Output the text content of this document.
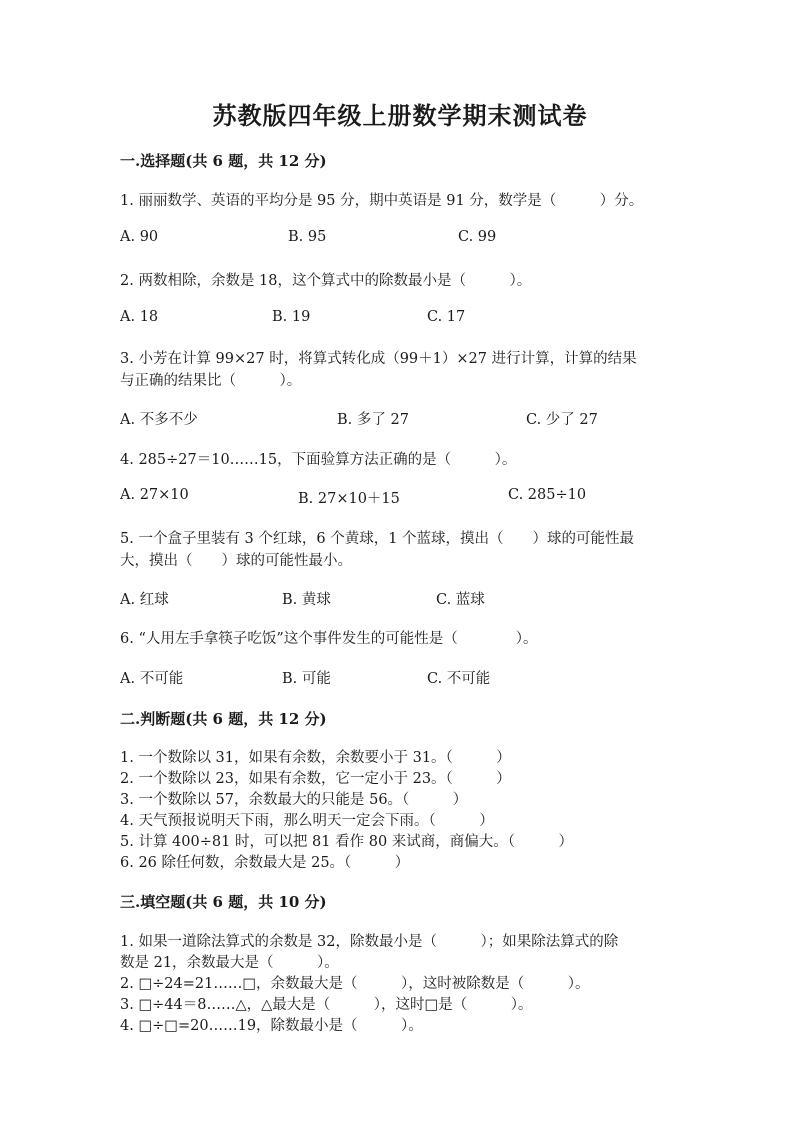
苏教版四年级上册数学期末测试卷
一.选择题(共 6 题，共 12 分)
1. 丽丽数学、英语的平均分是 95 分，期中英语是 91 分，数学是（　　　）分。
A. 90	B. 95	C. 99
2. 两数相除，余数是 18，这个算式中的除数最小是（　　　）。
A. 18	B. 19	C. 17
3. 小芳在计算 99×27 时，将算式转化成（99＋1）×27 进行计算，计算的结果
与正确的结果比（　　　）。
A. 不多不少	B. 多了 27	C. 少了 27
4. 285÷27＝10……15，下面验算方法正确的是（　　　）。
A. 27×10	B. 27×10＋15	C. 285÷10
5. 一个盒子里装有 3 个红球，6 个黄球，1 个蓝球，摸出（　　）球的可能性最
大，摸出（　　）球的可能性最小。
A. 红球	B. 黄球	C. 蓝球
6. “人用左手拿筷子吃饭”这个事件发生的可能性是（　　　　）。
A. 不可能	B. 可能	C. 不可能
二.判断题(共 6 题，共 12 分)
1. 一个数除以 31，如果有余数，余数要小于 31。（　　　）
2. 一个数除以 23，如果有余数，它一定小于 23。（　　　）
3. 一个数除以 57，余数最大的只能是 56。（　　　）
4. 天气预报说明天下雨，那么明天一定会下雨。（　　　）
5. 计算 400÷81 时，可以把 81 看作 80 来试商，商偏大。（　　　）
6. 26 除任何数，余数最大是 25。（　　　）
三.填空题(共 6 题，共 10 分)
1. 如果一道除法算式的余数是 32，除数最小是（　　　）；如果除法算式的除
数是 21，余数最大是（　　　）。
2. □÷24=21……□，余数最大是（　　　），这时被除数是（　　　）。
3. □÷44＝8……△，△最大是（　　　），这时□是（　　　）。
4. □÷□=20……19，除数最小是（　　　）。
